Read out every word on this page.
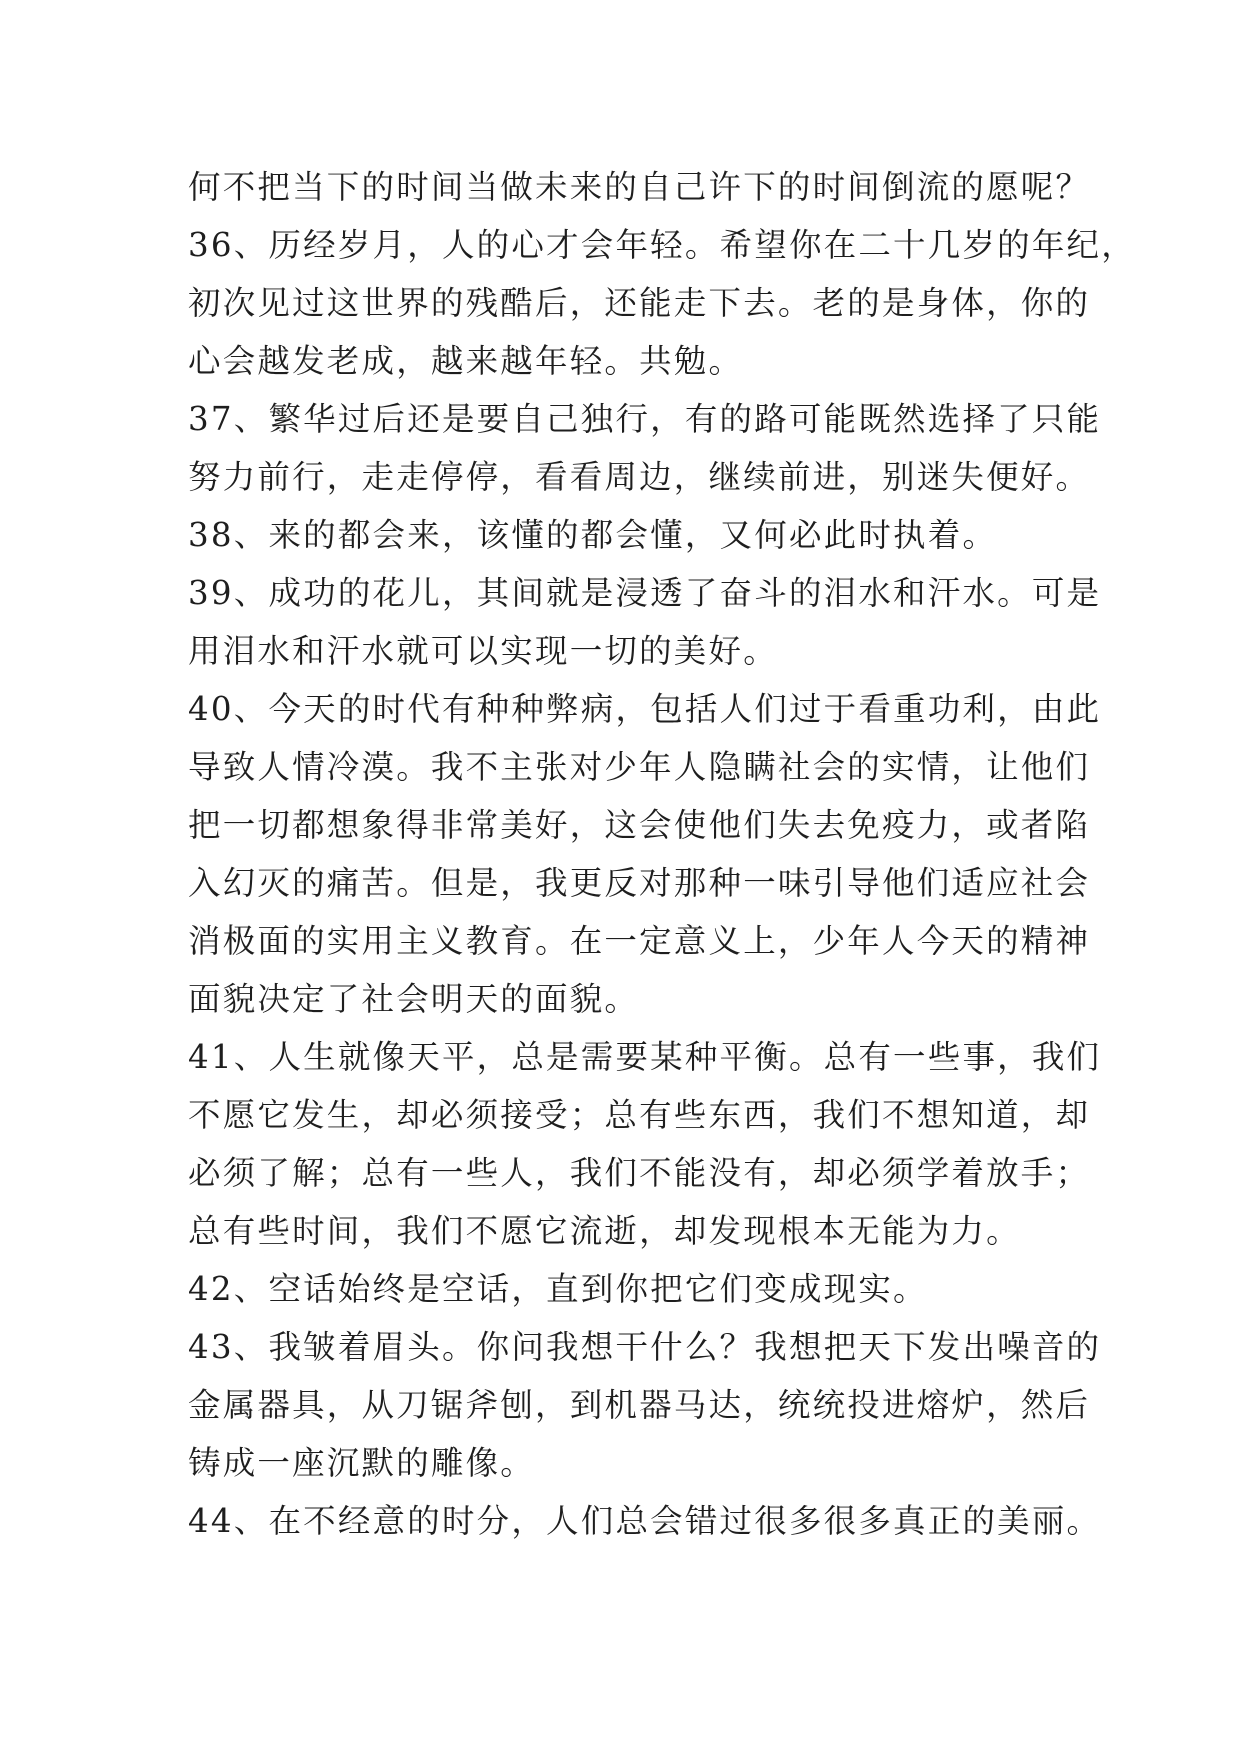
何不把当下的时间当做未来的自己许下的时间倒流的愿呢？
36、历经岁月，人的心才会年轻。希望你在二十几岁的年纪，
初次见过这世界的残酷后，还能走下去。老的是身体，你的
心会越发老成，越来越年轻。共勉。
37、繁华过后还是要自己独行，有的路可能既然选择了只能
努力前行，走走停停，看看周边，继续前进，别迷失便好。
38、来的都会来，该懂的都会懂，又何必此时执着。
39、成功的花儿，其间就是浸透了奋斗的泪水和汗水。可是
用泪水和汗水就可以实现一切的美好。
40、今天的时代有种种弊病，包括人们过于看重功利，由此
导致人情冷漠。我不主张对少年人隐瞒社会的实情，让他们
把一切都想象得非常美好，这会使他们失去免疫力，或者陷
入幻灭的痛苦。但是，我更反对那种一味引导他们适应社会
消极面的实用主义教育。在一定意义上，少年人今天的精神
面貌决定了社会明天的面貌。
41、人生就像天平，总是需要某种平衡。总有一些事，我们
不愿它发生，却必须接受；总有些东西，我们不想知道，却
必须了解；总有一些人，我们不能没有，却必须学着放手；
总有些时间，我们不愿它流逝，却发现根本无能为力。
42、空话始终是空话，直到你把它们变成现实。
43、我皱着眉头。你问我想干什么？我想把天下发出噪音的
金属器具，从刀锯斧刨，到机器马达，统统投进熔炉，然后
铸成一座沉默的雕像。
44、在不经意的时分，人们总会错过很多很多真正的美丽。
